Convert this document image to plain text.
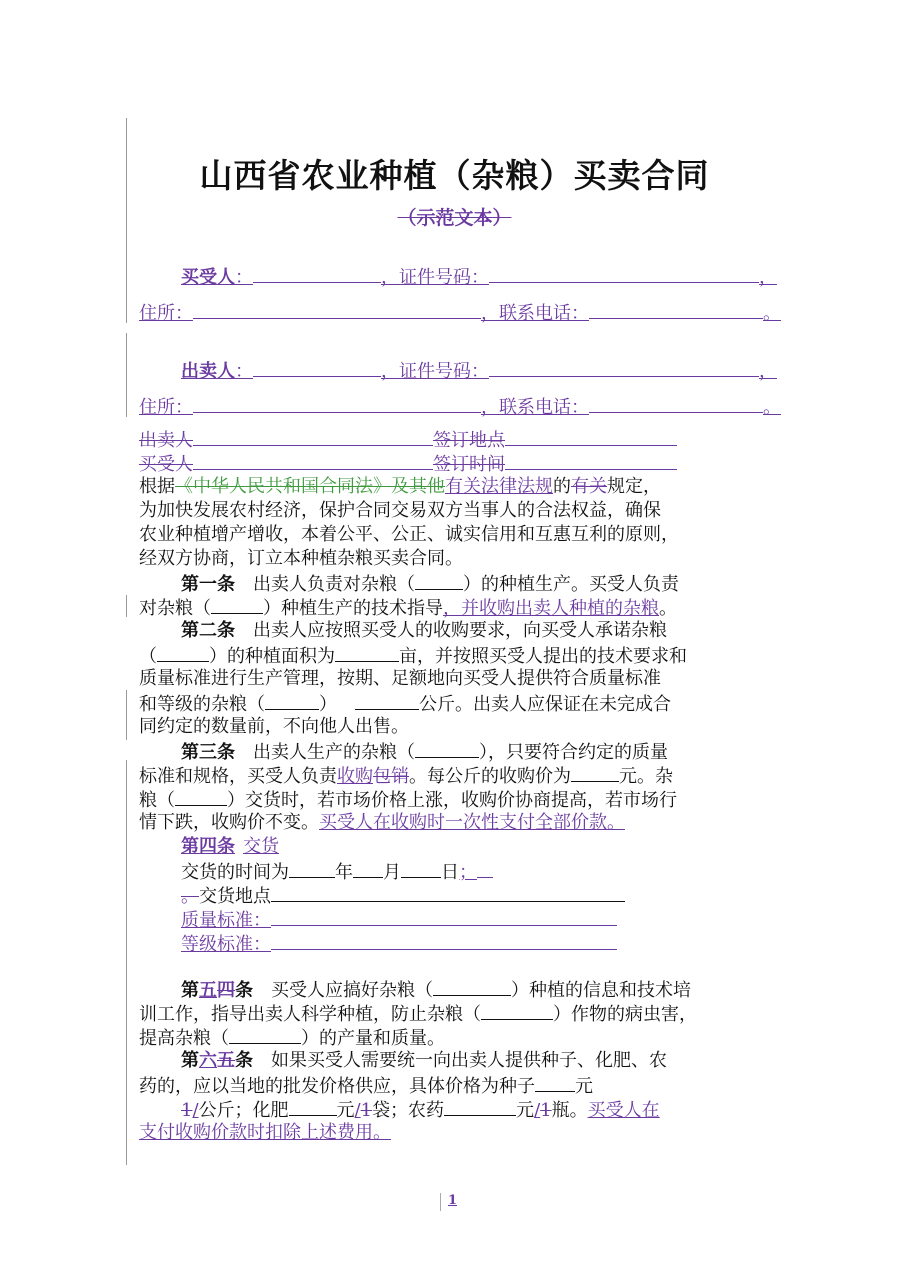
山西省农业种植（杂粮）买卖合同
（示范文本）
买受人：	，证件号码：	，
住所：	，联系电话：	。
出卖人：	，证件号码：	，
住所：	，联系电话：	。
出卖人	签订地点
买受人	签订时间
根据《中华人民共和国合同法》及其他有关法律法规的有关规定，
为加快发展农村经济，保护合同交易双方当事人的合法权益，确保
农业种植增产增收，本着公平、公正、诚实信用和互惠互利的原则，
经双方协商，订立本种植杂粮买卖合同。
第一条 出卖人负责对杂粮（	）的种植生产。买受人负责
对杂粮（	）种植生产的技术指导，并收购出卖人种植的杂粮。
第二条 出卖人应按照买受人的收购要求，向买受人承诺杂粮
（	）的种植面积为	亩，并按照买受人提出的技术要求和
质量标准进行生产管理，按期、足额地向买受人提供符合质量标准
和等级的杂粮（	）	公斤。出卖人应保证在未完成合
同约定的数量前，不向他人出售。
第三条 出卖人生产的杂粮（	），只要符合约定的质量
标准和规格，买受人负责收购包销。每公斤的收购价为	元。杂
粮（	）交货时，若市场价格上涨，收购价协商提高，若市场行
情下跌，收购价不变。买受人在收购时一次性支付全部价款。
第四条 交货
交货的时间为	年 月 日；
。交货地点
质量标准：
等级标准：
第五四条 买受人应搞好杂粮（	）种植的信息和技术培
训工作，指导出卖人科学种植，防止杂粮（	）作物的病虫害，
提高杂粮（	）的产量和质量。
第六五条 如果买受人需要统一向出卖人提供种子、化肥、农
药的，应以当地的批发价格供应，具体价格为种子 元
1/公斤；化肥	元/1袋；农药	元/1瓶。买受人在
支付收购价款时扣除上述费用。
1
